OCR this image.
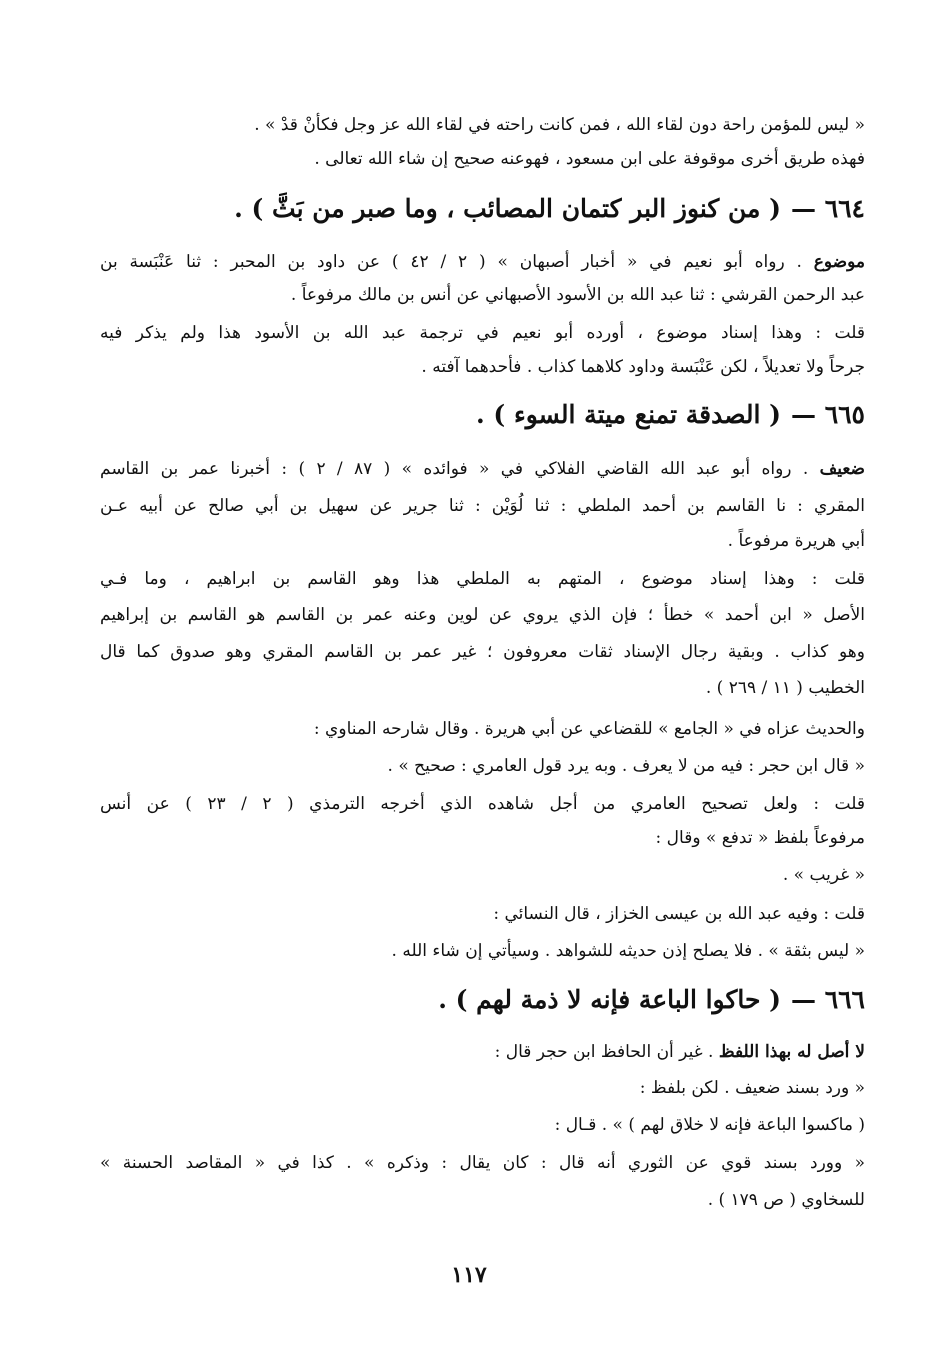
« ليس للمؤمن راحة دون لقاء الله ، فمن كانت راحته في لقاء الله عز وجل فكأنْ قدْ » .
فهذه طريق أخرى موقوفة على ابن مسعود ، فهوعنه صحيح إن شاء الله تعالى .
٦٦٤ —( من كنوز البر كتمان المصائب ، وما صبر من بَثَّ ) .
موضوع . رواه أبو نعيم في « أخبار أصبهان » ( ٢ / ٤٢ ) عن داود بن المحبر : ثنا عَنْبَسة بن
عبد الرحمن القرشي : ثنا عبد الله بن الأسود الأصبهاني عن أنس بن مالك مرفوعاً .
قلت : وهذا إسناد موضوع ، أورده أبو نعيم في ترجمة عبد الله بن الأسود هذا ولم يذكر فيه
جرحاً ولا تعديلاً ، لكن عَنْبَسة وداود كلاهما كذاب . فأحدهما آفته .
٦٦٥ —( الصدقة تمنع ميتة السوء ) .
ضعيف . رواه أبو عبد الله القاضي الفلاكي في « فوائده » ( ٨٧ / ٢ ) : أخبرنا عمر بن القاسم
المقري : نا القاسم بن أحمد الملطي : ثنا لُوَيْن : ثنا جرير عن سهيل بن أبي صالح عن أبيه عـن
أبي هريرة مرفوعاً .
قلت : وهذا إسناد موضوع ، المتهم به الملطي هذا وهو القاسم بن ابراهيم ، وما فـي
الأصل « ابن أحمد » خطأ ؛ فإن الذي يروي عن لوين وعنه عمر بن القاسم هو القاسم بن إبراهيم
وهو كذاب . وبقية رجال الإسناد ثقات معروفون ؛ غير عمر بن القاسم المقري وهو صدوق كما قال
الخطيب ( ١١ / ٢٦٩ ) .
والحديث عزاه في « الجامع » للقضاعي عن أبي هريرة . وقال شارحه المناوي :
« قال ابن حجر : فيه من لا يعرف . وبه يرد قول العامري : صحيح » .
قلت : ولعل تصحيح العامري من أجل شاهده الذي أخرجه الترمذي ( ٢ / ٢٣ ) عن أنس
مرفوعاً بلفظ « تدفع » وقال :
« غريب » .
قلت : وفيه عبد الله بن عيسى الخزاز ، قال النسائي :
« ليس بثقة » . فلا يصلح إذن حديثه للشواهد . وسيأتي إن شاء الله .
٦٦٦ —( حاكوا الباعة فإنه لا ذمة لهم ) .
لا أصل له بهذا اللفظ . غير أن الحافظ ابن حجر قال :
« ورد بسند ضعيف . لكن بلفظ :
( ماكسوا الباعة فإنه لا خلاق لهم ) » . قـال :
« وورد بسند قوي عن الثوري أنه قال : كان يقال : وذكره » . كذا في « المقاصد الحسنة »
للسخاوي ( ص ١٧٩ ) .
١١٧
